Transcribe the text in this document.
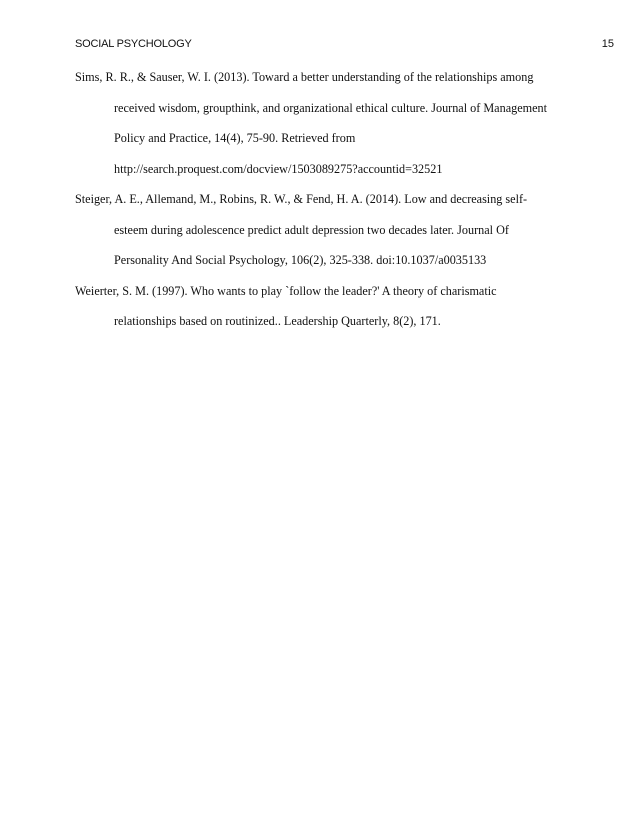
SOCIAL PSYCHOLOGY	15
Sims, R. R., & Sauser, W. I. (2013). Toward a better understanding of the relationships among
received wisdom, groupthink, and organizational ethical culture. Journal of Management
Policy and Practice, 14(4), 75-90. Retrieved from
http://search.proquest.com/docview/1503089275?accountid=32521
Steiger, A. E., Allemand, M., Robins, R. W., & Fend, H. A. (2014). Low and decreasing self-
esteem during adolescence predict adult depression two decades later. Journal Of
Personality And Social Psychology, 106(2), 325-338. doi:10.1037/a0035133
Weierter, S. M. (1997). Who wants to play `follow the leader?' A theory of charismatic
relationships based on routinized.. Leadership Quarterly, 8(2), 171.
